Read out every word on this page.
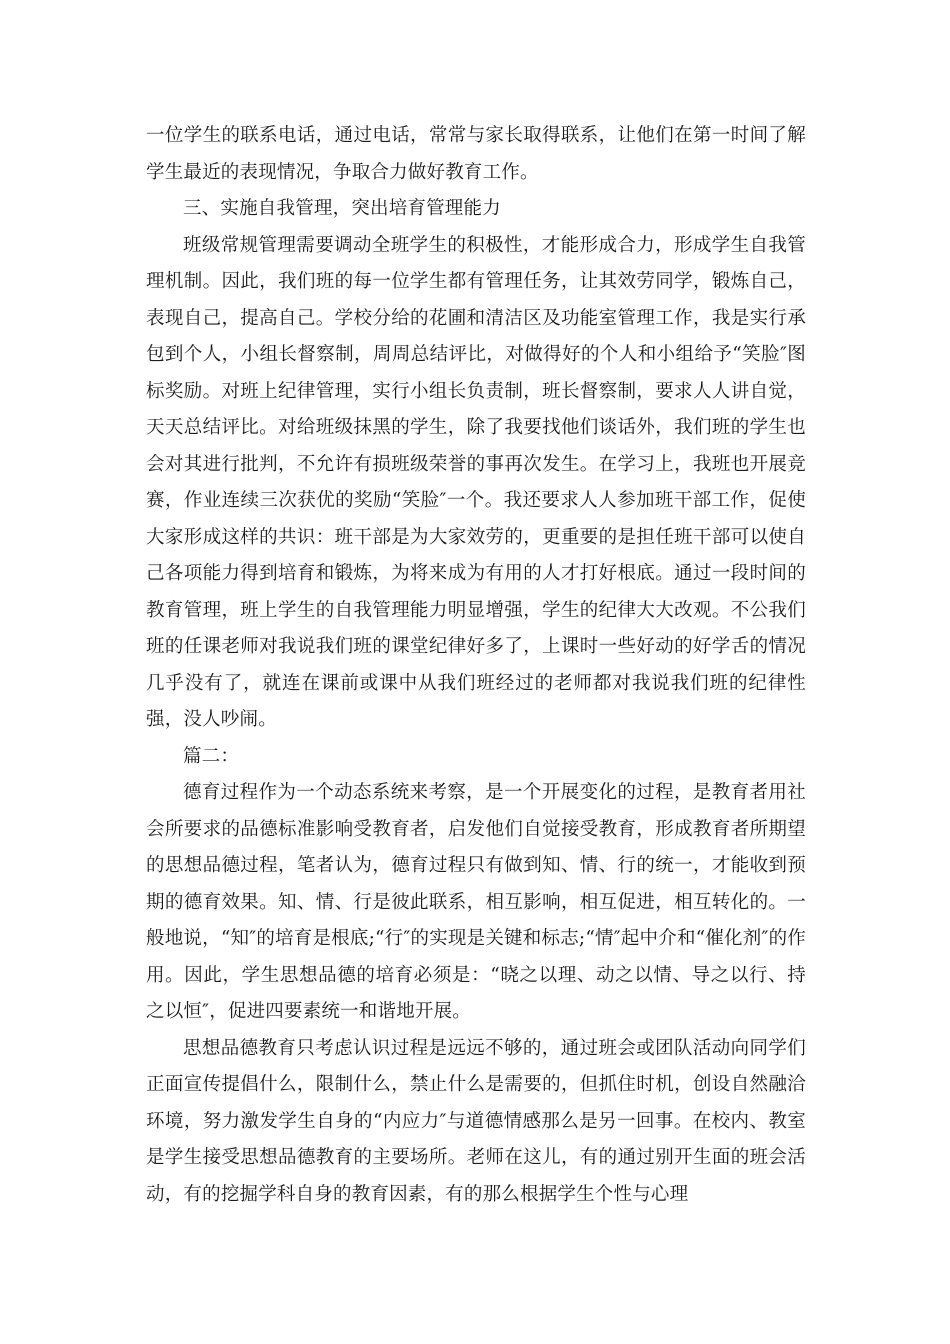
一位学生的联系电话，通过电话，常常与家长取得联系，让他们在第一时间了解学生最近的表现情况，争取合力做好教育工作。

三、实施自我管理，突出培育管理能力

班级常规管理需要调动全班学生的积极性，才能形成合力，形成学生自我管理机制。因此，我们班的每一位学生都有管理任务，让其效劳同学，锻炼自己，表现自己，提高自己。学校分给的花圃和清洁区及功能室管理工作，我是实行承包到个人，小组长督察制，周周总结评比，对做得好的个人和小组给予“笑脸″图标奖励。对班上纪律管理，实行小组长负责制，班长督察制，要求人人讲自觉，天天总结评比。对给班级抹黑的学生，除了我要找他们谈话外，我们班的学生也会对其进行批判，不允许有损班级荣誉的事再次发生。在学习上，我班也开展竞赛，作业连续三次获优的奖励“笑脸″一个。我还要求人人参加班干部工作，促使大家形成这样的共识：班干部是为大家效劳的，更重要的是担任班干部可以使自己各项能力得到培育和锻炼，为将来成为有用的人才打好根底。通过一段时间的教育管理，班上学生的自我管理能力明显增强，学生的纪律大大改观。不公我们班的任课老师对我说我们班的课堂纪律好多了，上课时一些好动的好学舌的情况几乎没有了，就连在课前或课中从我们班经过的老师都对我说我们班的纪律性强，没人吵闹。

篇二：

德育过程作为一个动态系统来考察，是一个开展变化的过程，是教育者用社会所要求的品德标准影响受教育者，启发他们自觉接受教育，形成教育者所期望的思想品德过程，笔者认为，德育过程只有做到知、情、行的统一，才能收到预期的德育效果。知、情、行是彼此联系，相互影响，相互促进，相互转化的。一般地说，“知″的培育是根底;“行″的实现是关键和标志;“情″起中介和“催化剂″的作用。因此，学生思想品德的培育必须是：“晓之以理、动之以情、导之以行、持之以恒″，促进四要素统一和谐地开展。

思想品德教育只考虑认识过程是远远不够的，通过班会或团队活动向同学们正面宣传提倡什么，限制什么，禁止什么是需要的，但抓住时机，创设自然融洽环境，努力激发学生自身的“内应力″与道德情感那么是另一回事。在校内、教室是学生接受思想品德教育的主要场所。老师在这儿，有的通过别开生面的班会活动，有的挖掘学科自身的教育因素，有的那么根据学生个性与心理
